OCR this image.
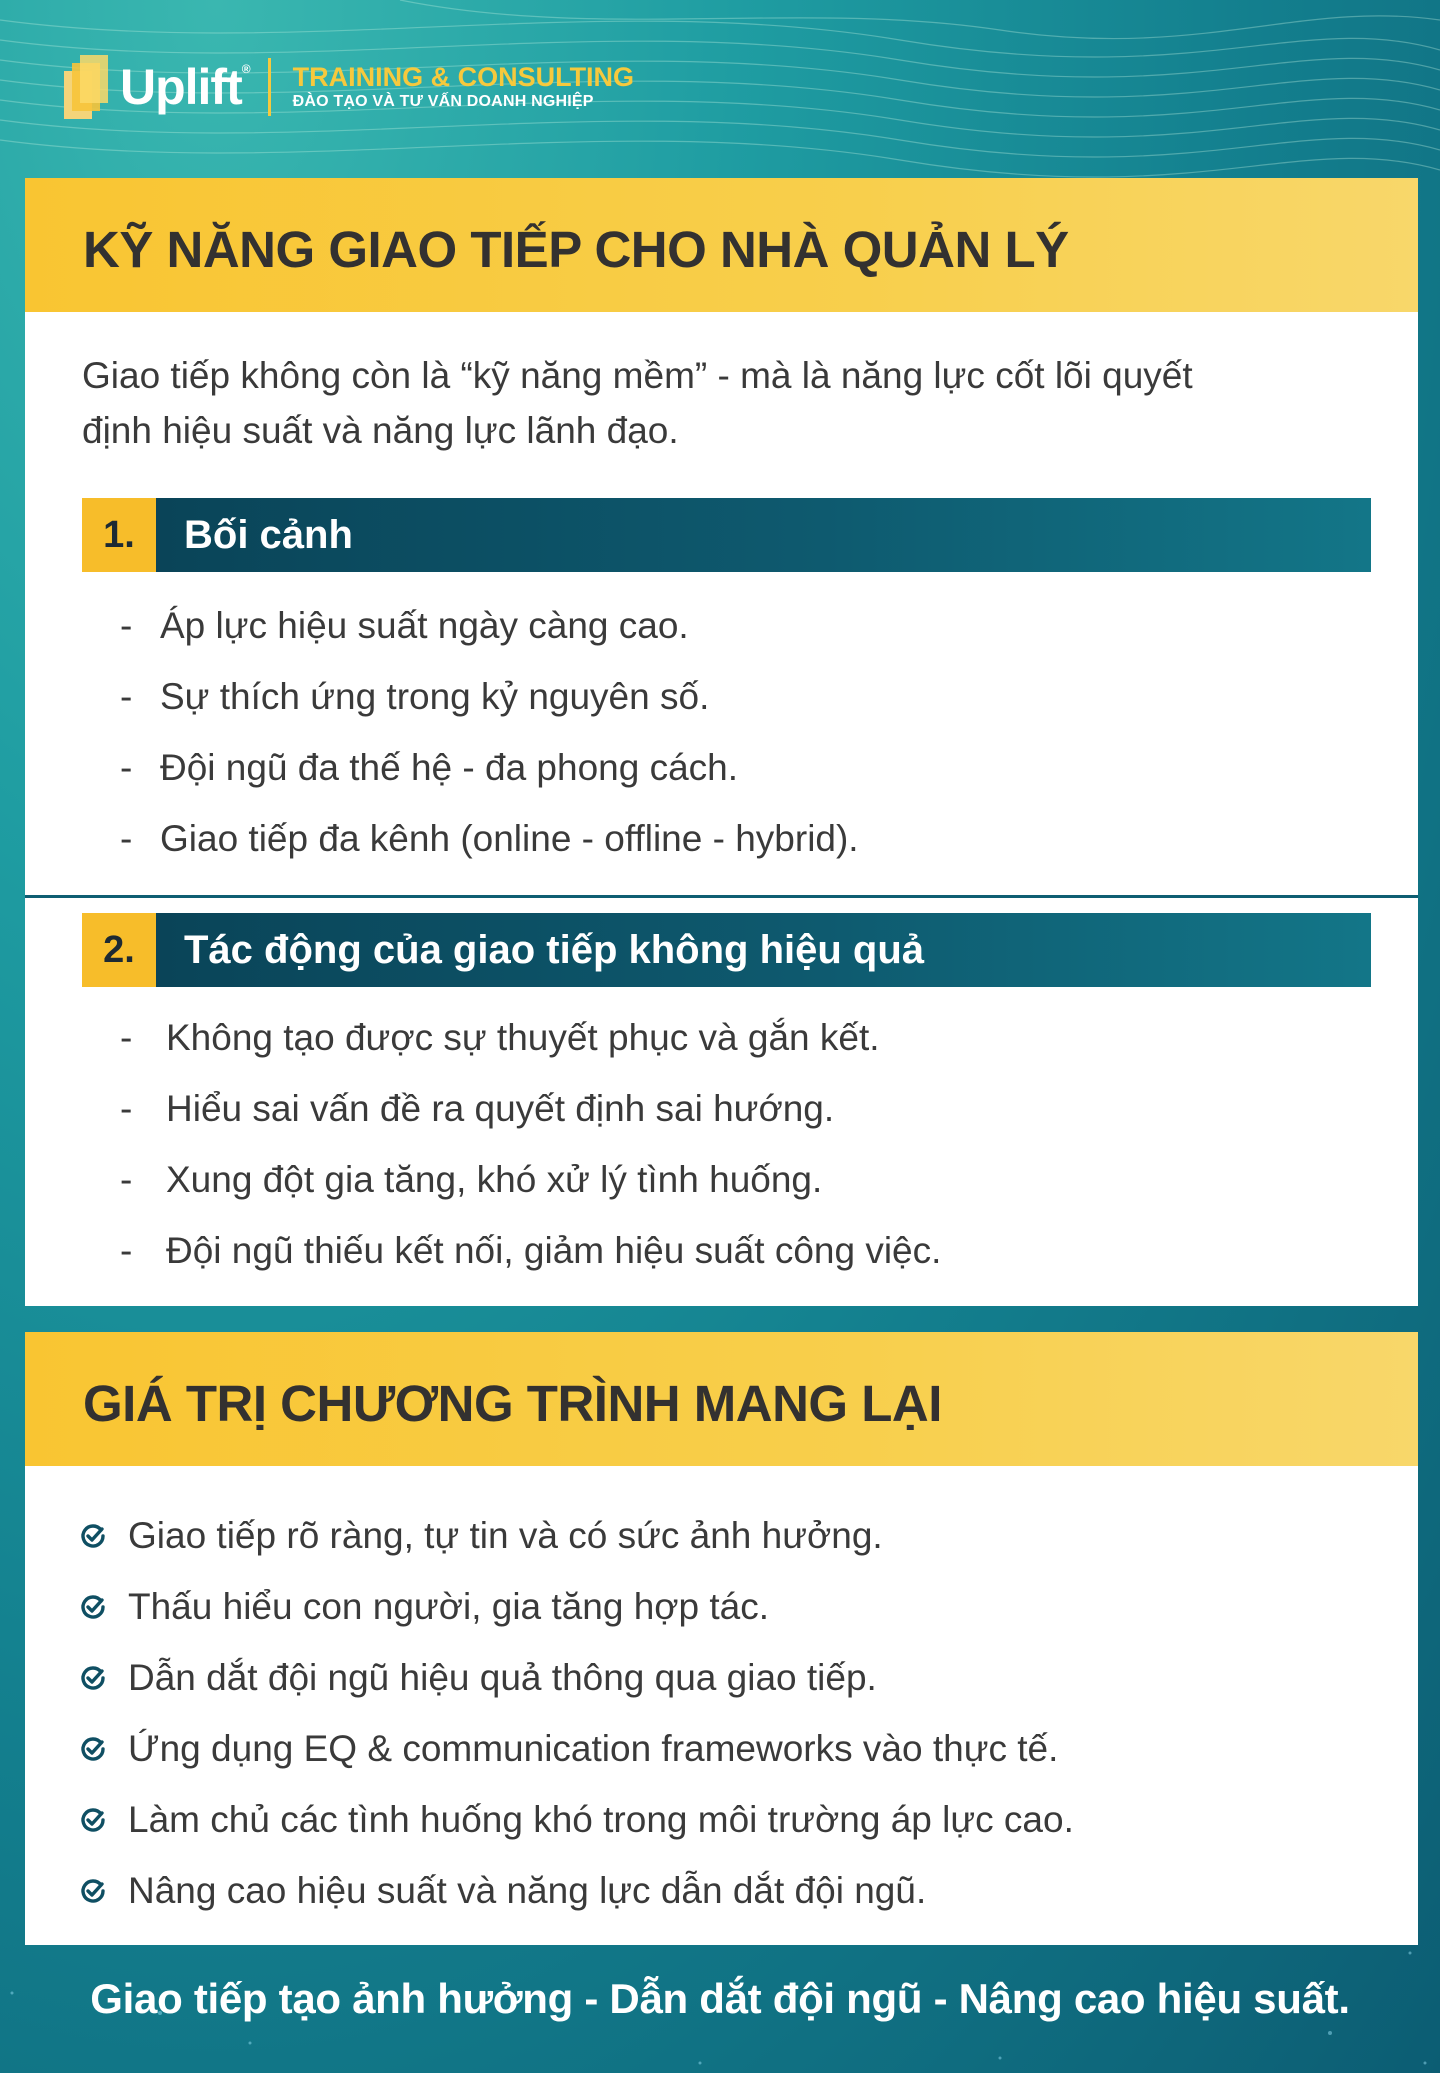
Uplift® TRAINING & CONSULTING
ĐÀO TẠO VÀ TƯ VẤN DOANH NGHIỆP
KỸ NĂNG GIAO TIẾP CHO NHÀ QUẢN LÝ
Giao tiếp không còn là “kỹ năng mềm” - mà là năng lực cốt lõi quyết
định hiệu suất và năng lực lãnh đạo.
1.	Bối cảnh
- Áp lực hiệu suất ngày càng cao.
- Sự thích ứng trong kỷ nguyên số.
- Đội ngũ đa thế hệ - đa phong cách.
- Giao tiếp đa kênh (online - offline - hybrid).
2.	Tác động của giao tiếp không hiệu quả
- Không tạo được sự thuyết phục và gắn kết.
- Hiểu sai vấn đề ra quyết định sai hướng.
- Xung đột gia tăng, khó xử lý tình huống.
- Đội ngũ thiếu kết nối, giảm hiệu suất công việc.
GIÁ TRỊ CHƯƠNG TRÌNH MANG LẠI
Giao tiếp rõ ràng, tự tin và có sức ảnh hưởng.
Thấu hiểu con người, gia tăng hợp tác.
Dẫn dắt đội ngũ hiệu quả thông qua giao tiếp.
Ứng dụng EQ & communication frameworks vào thực tế.
Làm chủ các tình huống khó trong môi trường áp lực cao.
Nâng cao hiệu suất và năng lực dẫn dắt đội ngũ.
Giao tiếp tạo ảnh hưởng - Dẫn dắt đội ngũ - Nâng cao hiệu suất.
